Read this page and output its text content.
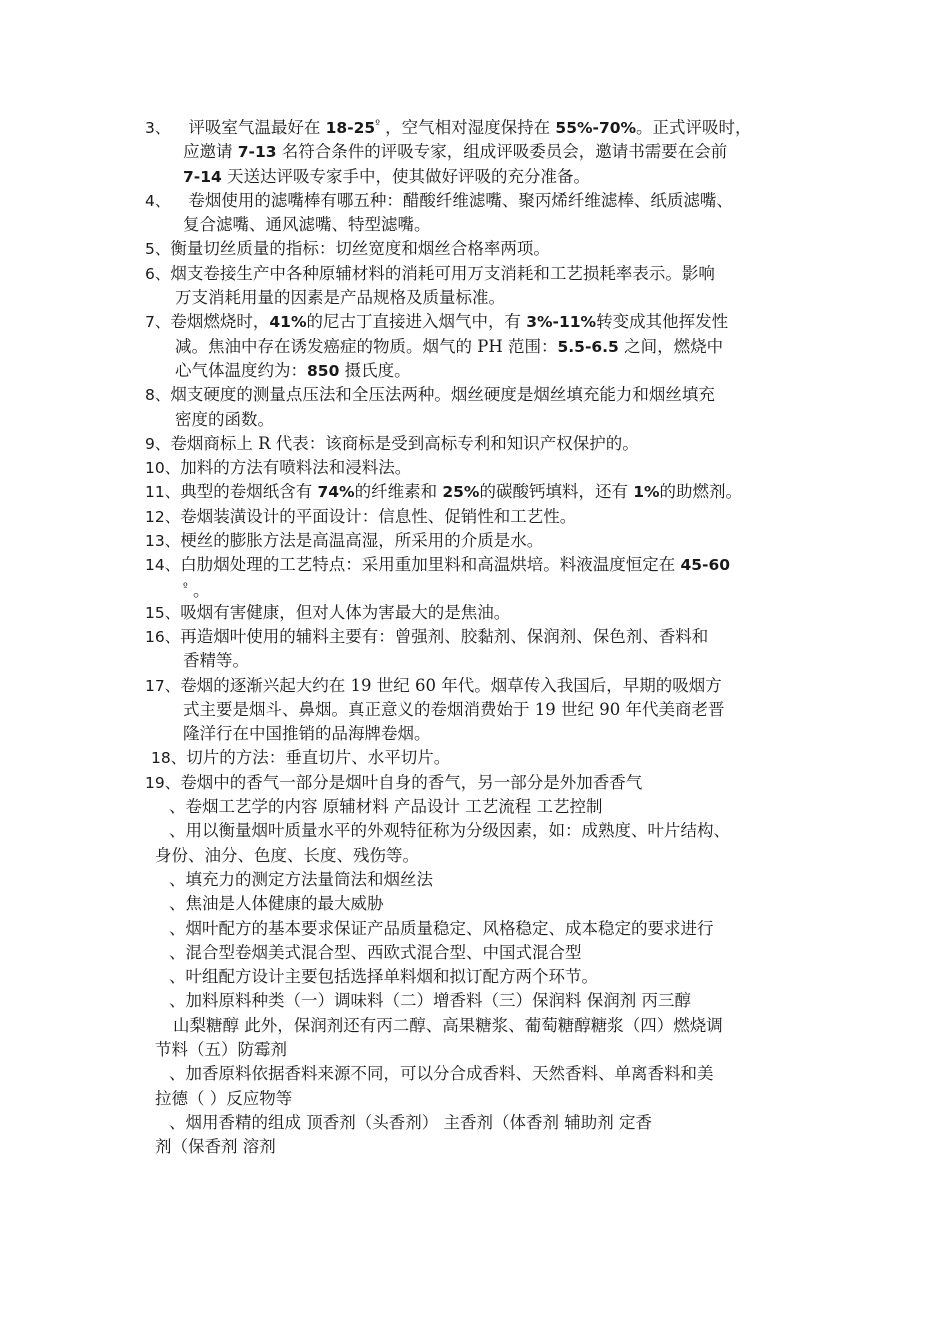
3、 评吸室气温最好在 $18-25^º$ ，空气相对湿度保持在 55%-70%。正式评吸时，

应邀请 7-13 名符合条件的评吸专家，组成评吸委员会，邀请书需要在会前

7-14 天送达评吸专家手中，使其做好评吸的充分准备。

4、 卷烟使用的滤嘴棒有哪五种：醋酸纤维滤嘴、聚丙烯纤维滤棒、纸质滤嘴、

复合滤嘴、通风滤嘴、特型滤嘴。

5、衡量切丝质量的指标：切丝宽度和烟丝合格率两项。

6、烟支卷接生产中各种原辅材料的消耗可用万支消耗和工艺损耗率表示。影响

万支消耗用量的因素是产品规格及质量标准。

7、卷烟燃烧时，41%的尼古丁直接进入烟气中，有 3%-11%转变成其他挥发性

减。焦油中存在诱发癌症的物质。烟气的 PH 范围：5.5-6.5 之间，燃烧中

心气体温度约为：850 摄氏度。

8、烟支硬度的测量点压法和全压法两种。烟丝硬度是烟丝填充能力和烟丝填充

密度的函数。

9、卷烟商标上 R 代表：该商标是受到高标专利和知识产权保护的。

10、加料的方法有喷料法和浸料法。

11、典型的卷烟纸含有 74%的纤维素和 25%的碳酸钙填料，还有 1%的助燃剂。

12、卷烟装潢设计的平面设计：信息性、促销性和工艺性。

13、梗丝的膨胀方法是高温高湿，所采用的介质是水。

14、白肋烟处理的工艺特点：采用重加里料和高温烘培。料液温度恒定在 45-60

$^º$ 。

15、吸烟有害健康，但对人体为害最大的是焦油。

16、再造烟叶使用的辅料主要有：曾强剂、胶黏剂、保润剂、保色剂、香料和

香精等。

17、卷烟的逐渐兴起大约在 19 世纪 60 年代。烟草传入我国后，早期的吸烟方

式主要是烟斗、鼻烟。真正意义的卷烟消费始于 19 世纪 90 年代美商老晋

隆洋行在中国推销的品海牌卷烟。

18、切片的方法：垂直切片、水平切片。

19、卷烟中的香气一部分是烟叶自身的香气，另一部分是外加香香气

、卷烟工艺学的内容 原辅材料 产品设计 工艺流程 工艺控制

、用以衡量烟叶质量水平的外观特征称为分级因素，如：成熟度、叶片结构、

身份、油分、色度、长度、残伤等。

、填充力的测定方法量筒法和烟丝法

、焦油是人体健康的最大威胁

、烟叶配方的基本要求保证产品质量稳定、风格稳定、成本稳定的要求进行

、混合型卷烟美式混合型、西欧式混合型、中国式混合型

、叶组配方设计主要包括选择单料烟和拟订配方两个环节。

、加料原料种类（一）调味料（二）增香料（三）保润料 保润剂 丙三醇

山梨糖醇 此外，保润剂还有丙二醇、高果糖浆、葡萄糖醇糖浆（四）燃烧调

节料（五）防霉剂

、加香原料依据香料来源不同，可以分合成香料、天然香料、单离香料和美

拉德（ ）反应物等

、烟用香精的组成 顶香剂（头香剂） 主香剂（体香剂 辅助剂 定香

剂（保香剂 溶剂
